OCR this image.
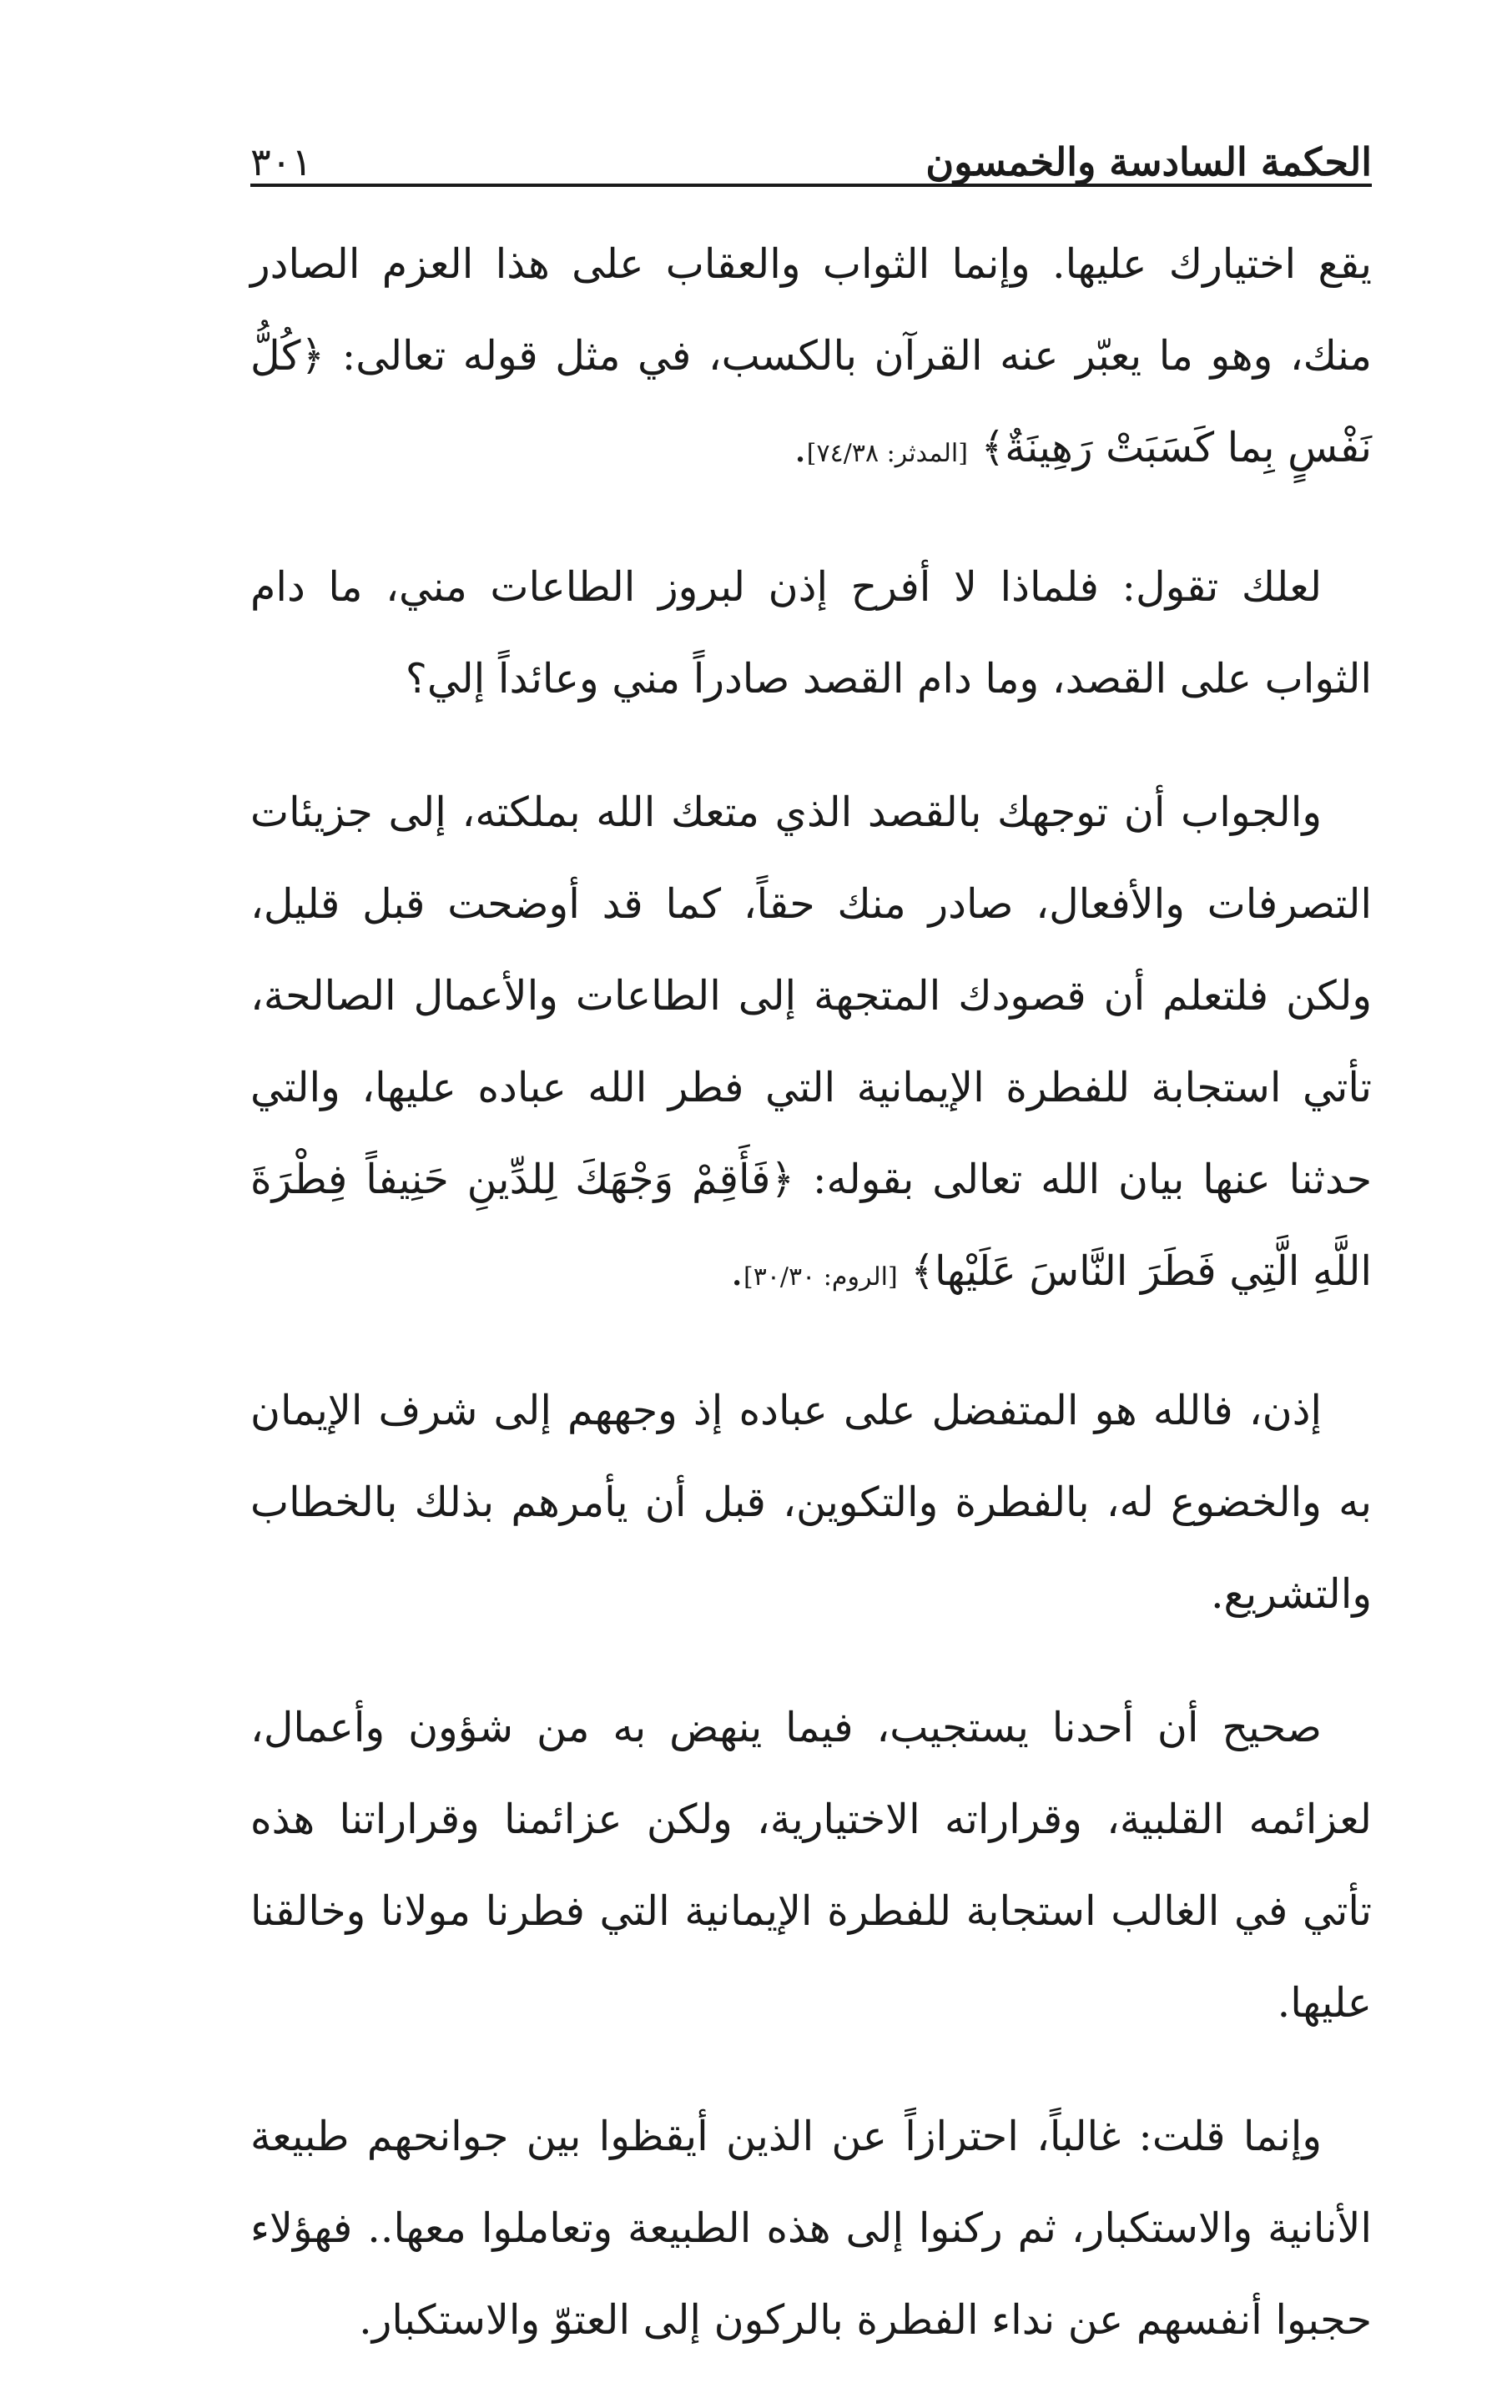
الحكمة السادسة والخمسون
٣٠١

يقع اختيارك عليها. وإنما الثواب والعقاب على هذا العزم الصادر منك، وهو ما يعبّر عنه القرآن بالكسب، في مثل قوله تعالى: ﴿كُلُّ نَفْسٍ بِما كَسَبَتْ رَهِينَةٌ﴾ [المدثر: ٧٤/٣٨].

لعلك تقول: فلماذا لا أفرح إذن لبروز الطاعات مني، ما دام الثواب على القصد، وما دام القصد صادراً مني وعائداً إلي؟

والجواب أن توجهك بالقصد الذي متعك الله بملكته، إلى جزيئات التصرفات والأفعال، صادر منك حقاً، كما قد أوضحت قبل قليل، ولكن فلتعلم أن قصودك المتجهة إلى الطاعات والأعمال الصالحة، تأتي استجابة للفطرة الإيمانية التي فطر الله عباده عليها، والتي حدثنا عنها بيان الله تعالى بقوله: ﴿فَأَقِمْ وَجْهَكَ لِلدِّينِ حَنِيفاً فِطْرَةَ اللَّهِ الَّتِي فَطَرَ النَّاسَ عَلَيْها﴾ [الروم: ٣٠/٣٠].

إذن، فالله هو المتفضل على عباده إذ وجههم إلى شرف الإيمان به والخضوع له، بالفطرة والتكوين، قبل أن يأمرهم بذلك بالخطاب والتشريع.

صحيح أن أحدنا يستجيب، فيما ينهض به من شؤون وأعمال، لعزائمه القلبية، وقراراته الاختيارية، ولكن عزائمنا وقراراتنا هذه تأتي في الغالب استجابة للفطرة الإيمانية التي فطرنا مولانا وخالقنا عليها.

وإنما قلت: غالباً، احترازاً عن الذين أيقظوا بين جوانحهم طبيعة الأنانية والاستكبار، ثم ركنوا إلى هذه الطبيعة وتعاملوا معها.. فهؤلاء حجبوا أنفسهم عن نداء الفطرة بالركون إلى العتوّ والاستكبار.
